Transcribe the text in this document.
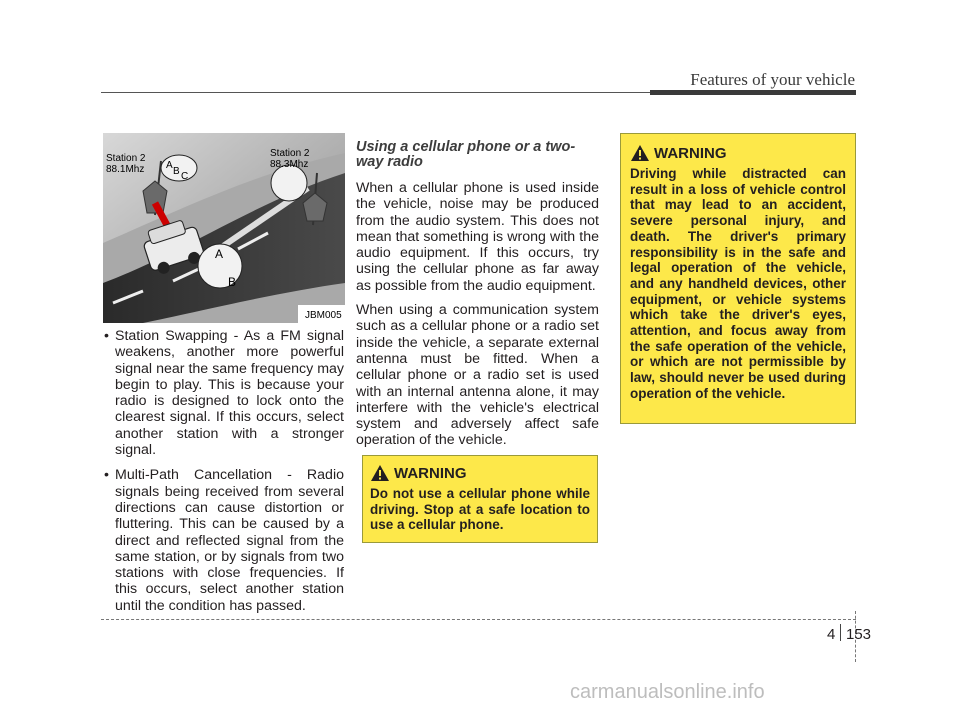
Features of your vehicle
A
B C
A
B
Station 2
88.1Mhz
Station 2
88.3Mhz
JBM005
• Station Swapping - As a FM signal weakens, another more powerful signal near the same frequency may begin to play. This is because your radio is designed to lock onto the clearest signal. If this occurs, select another station with a stronger signal.
• Multi-Path Cancellation - Radio signals being received from several directions can cause distortion or fluttering. This can be caused by a direct and reflected signal from the same station, or by signals from two stations with close frequencies. If this occurs, select another station until the condition has passed.
Using a cellular phone or a two-way radio

When a cellular phone is used inside the vehicle, noise may be produced from the audio system. This does not mean that something is wrong with the audio equipment. If this occurs, try using the cellular phone as far away as possible from the audio equipment.

When using a communication system such as a cellular phone or a radio set inside the vehicle, a separate external antenna must be fitted. When a cellular phone or a radio set is used with an internal antenna alone, it may interfere with the vehicle's electrical system and adversely affect safe operation of the vehicle.

WARNING
Driving while distracted can result in a loss of vehicle control that may lead to an accident, severe personal injury, and death. The driver's primary responsibility is in the safe and legal operation of the vehicle, and any handheld devices, other equipment, or vehicle systems which take the driver's eyes, attention, and focus away from the safe operation of the vehicle, or which are not permissible by law, should never be used during operation of the vehicle.
WARNING
Do not use a cellular phone while driving. Stop at a safe location to use a cellular phone.
4 153
carmanualsonline.info
